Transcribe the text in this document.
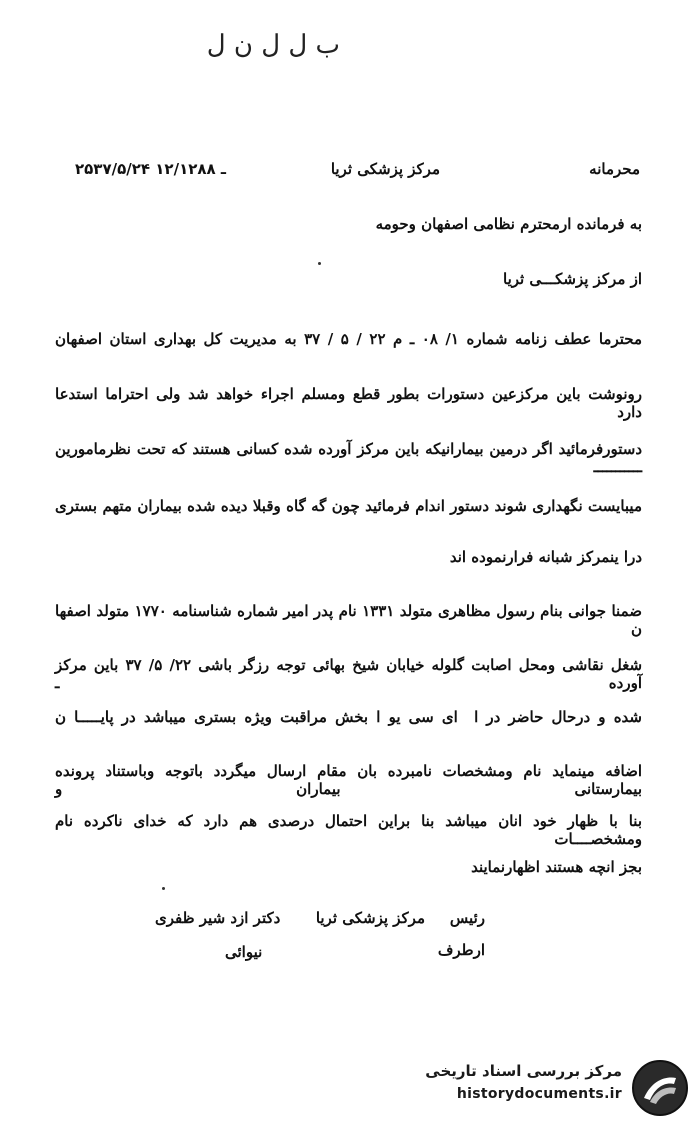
ب ل ل ن ل
محرمانه
مرکز پزشکی ثریا
۲۵۳۷/۵/۲۴ ـ ۱۲/۱۲۸۸
به فرمانده ارمحترم نظامی اصفهان وحومه
از مرکز پزشکـــی ثریا
محترما عطف زنامه شماره ۱/ ۰۸ ـ م ۲۲ / ۵ / ۳۷ به مدیریت کل بهداری استان اصفهان
رونوشت باین مرکزعین دستورات بطور قطع ومسلم اجراء خواهد شد ولی احتراما استدعا دارد
دستورفرمائید اگر درمین بیمارانیکه باین مرکز آورده شده کسانی هستند که تحت نظرمامورین ـــــــــــ
میبایست نگهداری شوند دستور اندام فرمائید چون گه گاه وقبلا دیده شده بیماران متهم بستری
درا ینمرکز شبانه فرارنموده اند
ضمنا جوانی بنام رسول مظاهری متولد ۱۳۳۱ نام پدر امیر شماره شناسنامه ۱۷۷۰ متولد اصفها ن
شغل نقاشی ومحل اصابت گلوله خیابان شیخ بهائی توجه رزگر باشی ۲۲/ ۵/ ۳۷ باین مرکز آورده ـ
شده و درحال حاضر در ‌ا ‌ ای سی یو ا بخش مراقبت ویژه بستری میباشد در پایـــــا ن
اضافه مینماید نام ومشخصات نامبرده بان مقام ارسال میگردد باتوجه وباستناد پرونده بیمارستانی بیماران و
بنا با ظهار خود انان میباشد بنا براین احتمال درصدی هم دارد که خدای ناکرده نام ومشخصــــات
بجز انچه هستند اظهارنمایند
رئیس
مرکز پزشکی ثریا
دکتر ازد شیر ظفری
ارطرف
نیوائی
مرکز بررسی اسناد تاریخی
historydocuments.ir
